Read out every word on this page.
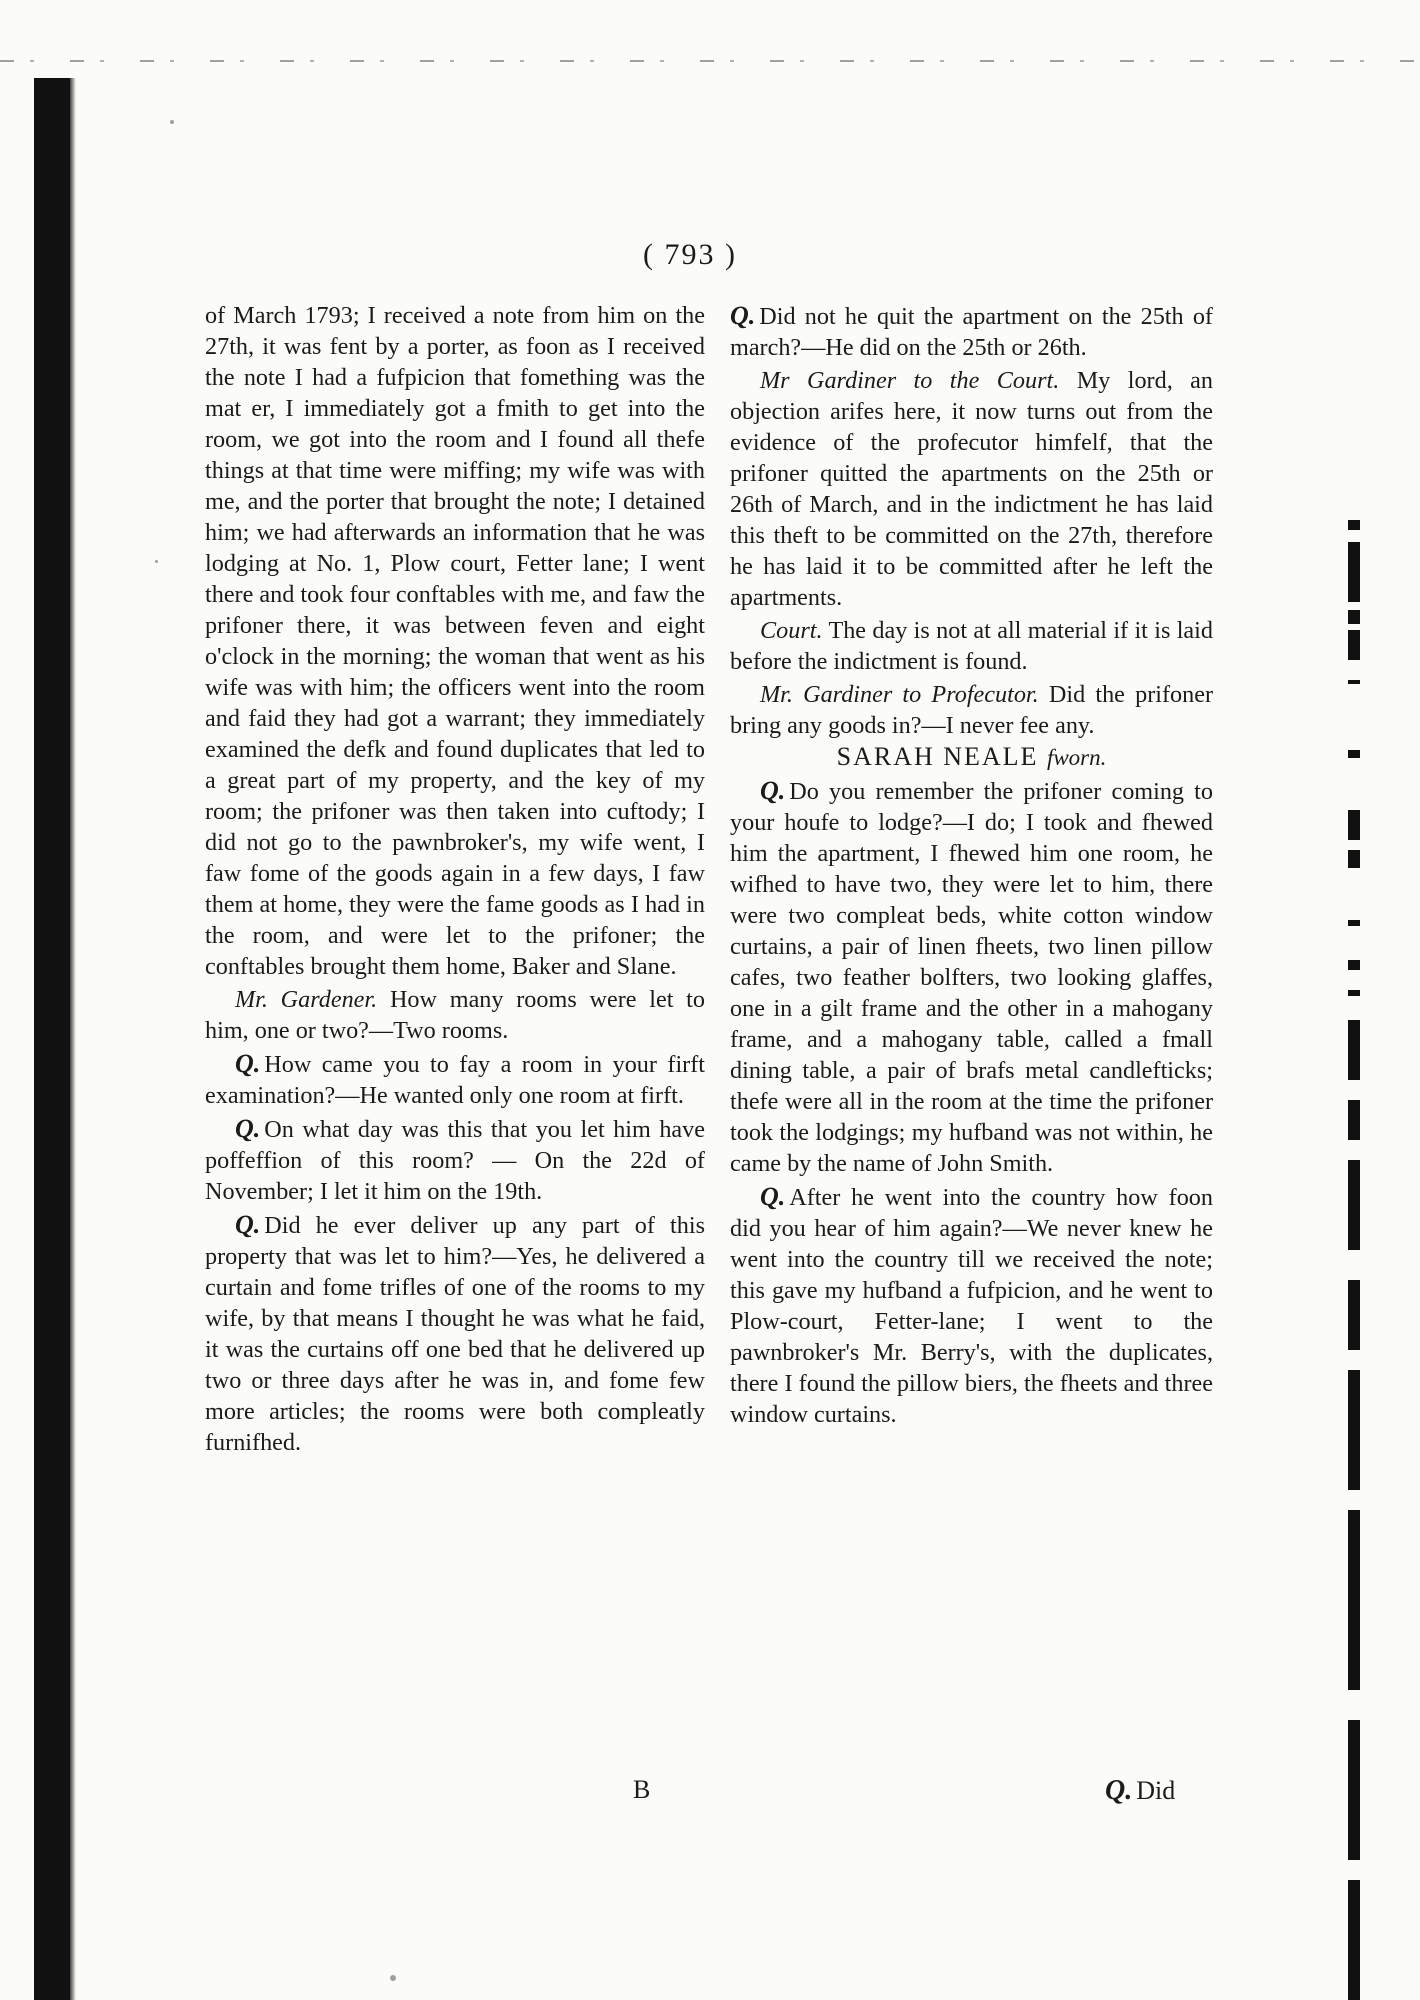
( 793 )

of March 1793; I received a note from him on the 27th, it was fent by a porter, as foon as I received the note I had a fufpicion that fomething was the mat er, I immediately got a fmith to get into the room, we got into the room and I found all thefe things at that time were miffing; my wife was with me, and the porter that brought the note; I detained him; we had afterwards an information that he was lodging at No. 1, Plow court, Fetter lane; I went there and took four conftables with me, and faw the prifoner there, it was between feven and eight o'clock in the morning; the woman that went as his wife was with him; the officers went into the room and faid they had got a warrant; they immediately examined the defk and found duplicates that led to a great part of my property, and the key of my room; the prifoner was then taken into cuftody; I did not go to the pawnbroker's, my wife went, I faw fome of the goods again in a few days, I faw them at home, they were the fame goods as I had in the room, and were let to the prifoner; the conftables brought them home, Baker and Slane.

Mr. Gardener. How many rooms were let to him, one or two?—Two rooms.

Q. How came you to fay a room in your firft examination?—He wanted only one room at firft.

Q. On what day was this that you let him have poffeffion of this room? — On the 22d of November; I let it him on the 19th.

Q. Did he ever deliver up any part of this property that was let to him?—Yes, he delivered a curtain and fome trifles of one of the rooms to my wife, by that means I thought he was what he faid, it was the curtains off one bed that he delivered up two or three days after he was in, and fome few more articles; the rooms were both compleatly furnifhed.

Q. Did not he quit the apartment on the 25th of march?—He did on the 25th or 26th.

Mr Gardiner to the Court. My lord, an objection arifes here, it now turns out from the evidence of the profecutor himfelf, that the prifoner quitted the apartments on the 25th or 26th of March, and in the indictment he has laid this theft to be committed on the 27th, therefore he has laid it to be committed after he left the apartments.

Court. The day is not at all material if it is laid before the indictment is found.

Mr. Gardiner to Profecutor. Did the prifoner bring any goods in?—I never fee any.

SARAH NEALE fworn.

Q. Do you remember the prifoner coming to your houfe to lodge?—I do; I took and fhewed him the apartment, I fhewed him one room, he wifhed to have two, they were let to him, there were two compleat beds, white cotton window curtains, a pair of linen fheets, two linen pillow cafes, two feather bolfters, two looking glaffes, one in a gilt frame and the other in a mahogany frame, and a mahogany table, called a fmall dining table, a pair of brafs metal candlefticks; thefe were all in the room at the time the prifoner took the lodgings; my hufband was not within, he came by the name of John Smith.

Q. After he went into the country how foon did you hear of him again?—We never knew he went into the country till we received the note; this gave my hufband a fufpicion, and he went to Plow-court, Fetter-lane; I went to the pawnbroker's Mr. Berry's, with the duplicates, there I found the pillow biers, the fheets and three window curtains.

B	Q. Did
